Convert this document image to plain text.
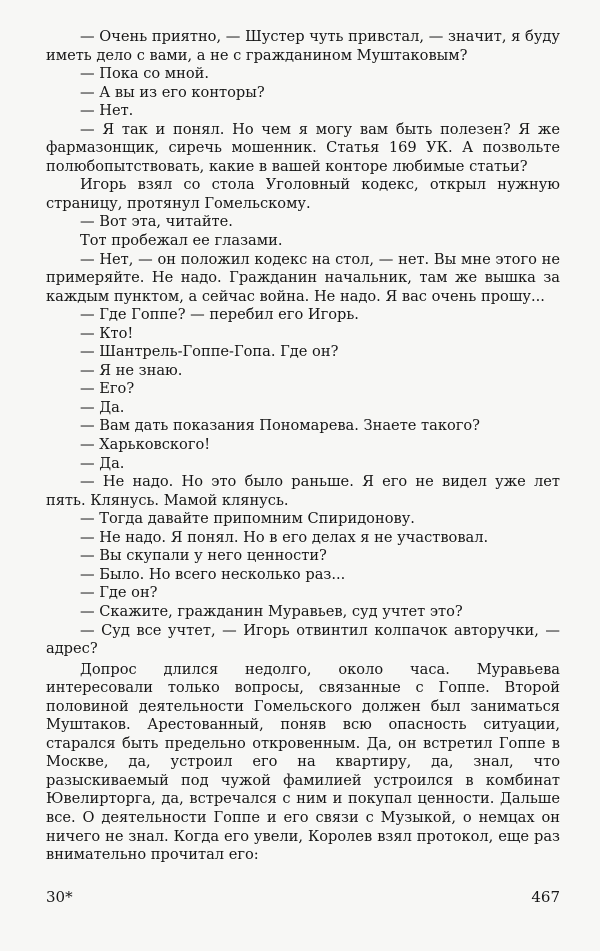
— Очень приятно, — Шустер чуть привстал, — значит, я буду иметь дело с вами, а не с гражданином Муштаковым?

— Пока со мной.

— А вы из его конторы?

— Нет.

— Я так и понял. Но чем я могу вам быть полезен? Я же фармазонщик, сиречь мошенник. Статья 169 УК. А позвольте полюбопытствовать, какие в вашей конторе любимые статьи?

Игорь взял со стола Уголовный кодекс, открыл нужную страницу, протянул Гомельскому.

— Вот эта, читайте.

Тот пробежал ее глазами.

— Нет, — он положил кодекс на стол, — нет. Вы мне этого не примеряйте. Не надо. Гражданин начальник, там же вышка за каждым пунктом, а сейчас война. Не надо. Я вас очень прошу...

— Где Гоппе? — перебил его Игорь.

— Кто!

— Шантрель-Гоппе-Гопа. Где он?

— Я не знаю.

— Его?

— Да.

— Вам дать показания Пономарева. Знаете такого?

— Харьковского!

— Да.

— Не надо. Но это было раньше. Я его не видел уже лет пять. Клянусь. Мамой клянусь.

— Тогда давайте припомним Спиридонову.

— Не надо. Я понял. Но в его делах я не участвовал.

— Вы скупали у него ценности?

— Было. Но всего несколько раз...

— Где он?

— Скажите, гражданин Муравьев, суд учтет это?

— Суд все учтет, — Игорь отвинтил колпачок авторучки, — адрес?

Допрос длился недолго, около часа. Муравьева интересовали только вопросы, связанные с Гоппе. Второй половиной деятельности Гомельского должен был заниматься Муштаков. Арестованный, поняв всю опасность ситуации, старался быть предельно откровенным. Да, он встретил Гоппе в Москве, да, устроил его на квартиру, да, знал, что разыскиваемый под чужой фамилией устроился в комбинат Ювелирторга, да, встречался с ним и покупал ценности. Дальше все. О деятельности Гоппе и его связи с Музыкой, о немцах он ничего не знал. Когда его увели, Королев взял протокол, еще раз внимательно прочитал его:

30*	467
